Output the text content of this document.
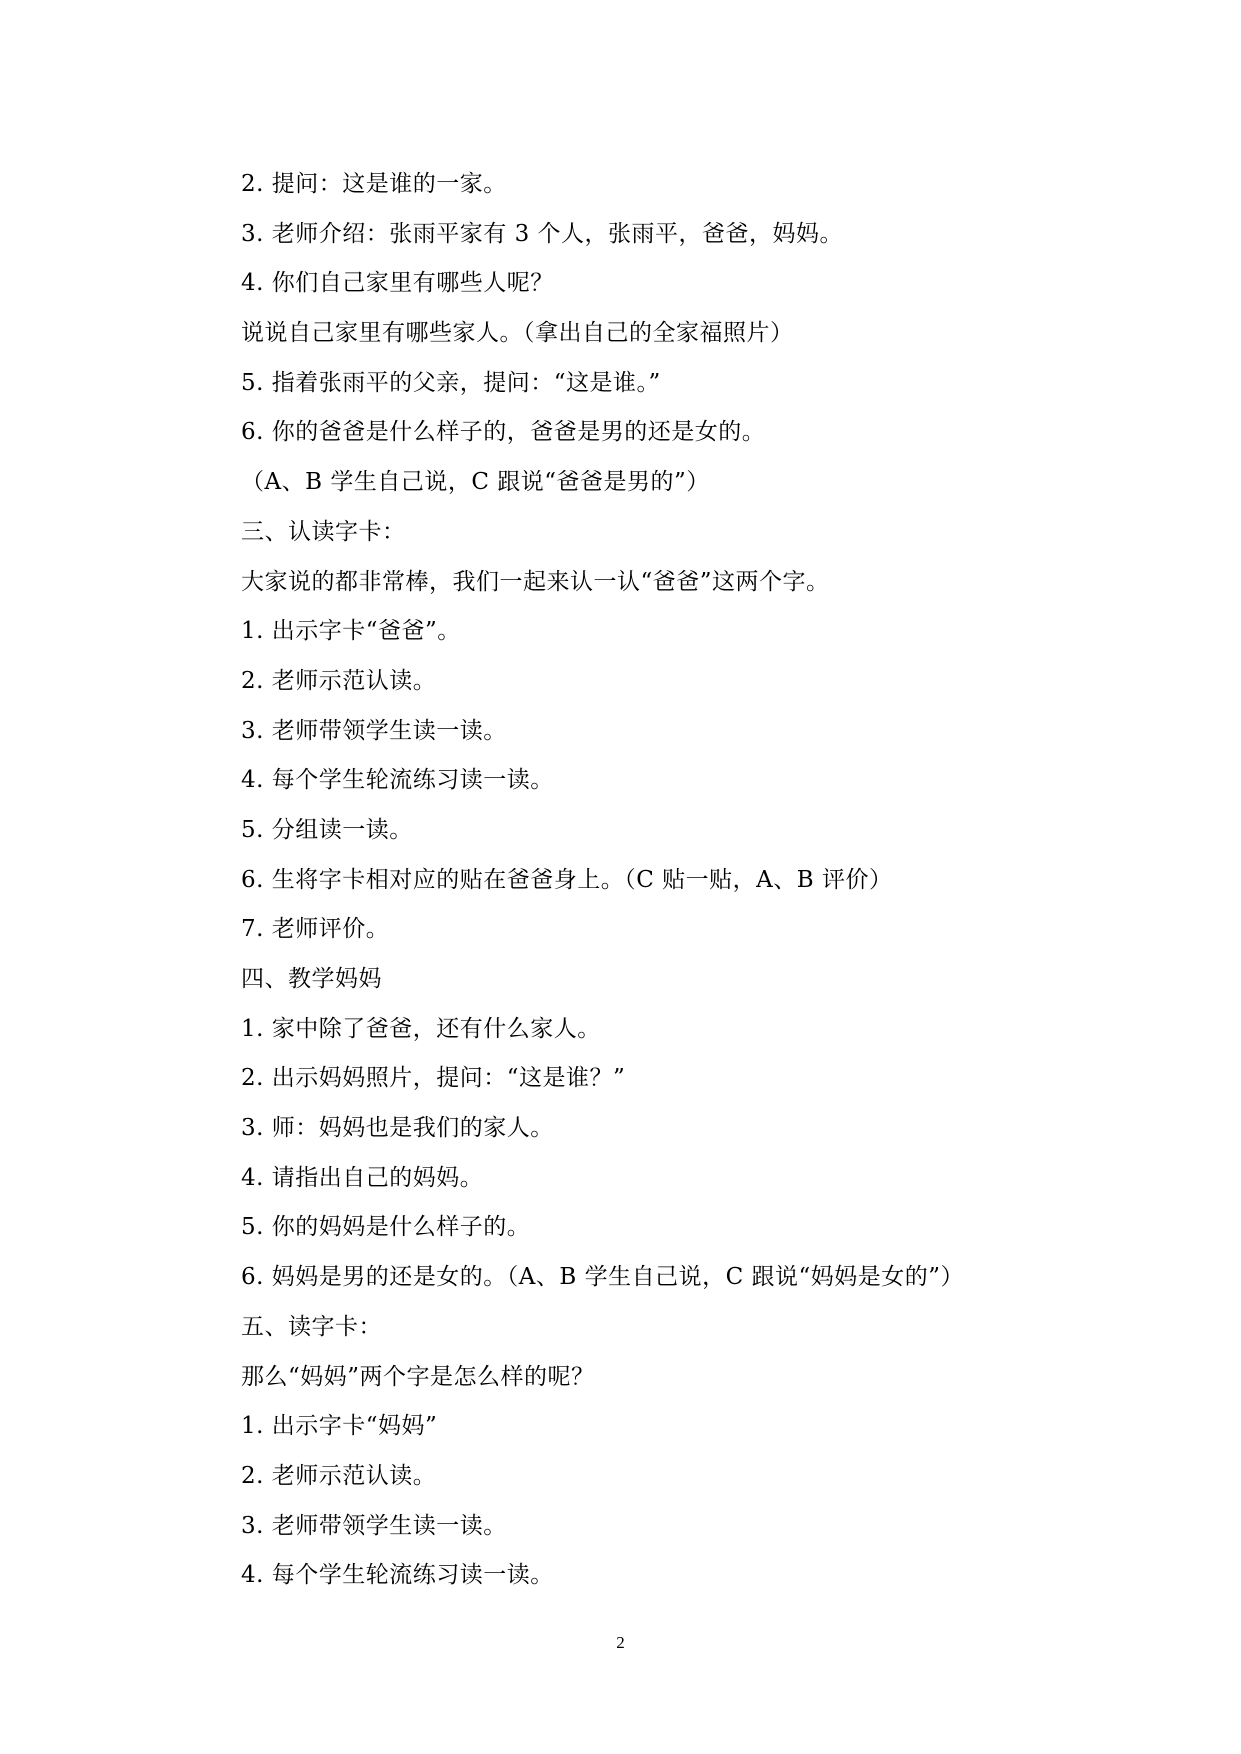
2. 提问：这是谁的一家。
3. 老师介绍：张雨平家有 3 个人，张雨平，爸爸，妈妈。
4. 你们自己家里有哪些人呢？
说说自己家里有哪些家人。（拿出自己的全家福照片）
5. 指着张雨平的父亲，提问：“这是谁。”
6. 你的爸爸是什么样子的，爸爸是男的还是女的。
（A、B 学生自己说，C 跟说“爸爸是男的”）
三、认读字卡：
大家说的都非常棒，我们一起来认一认“爸爸”这两个字。
1. 出示字卡“爸爸”。
2. 老师示范认读。
3. 老师带领学生读一读。
4. 每个学生轮流练习读一读。
5. 分组读一读。
6. 生将字卡相对应的贴在爸爸身上。（C 贴一贴，A、B 评价）
7. 老师评价。
四、教学妈妈
1. 家中除了爸爸，还有什么家人。
2. 出示妈妈照片，提问：“这是谁？”
3. 师：妈妈也是我们的家人。
4. 请指出自己的妈妈。
5. 你的妈妈是什么样子的。
6. 妈妈是男的还是女的。（A、B 学生自己说，C 跟说“妈妈是女的”）
五、读字卡：
那么“妈妈”两个字是怎么样的呢？
1. 出示字卡“妈妈”
2. 老师示范认读。
3. 老师带领学生读一读。
4. 每个学生轮流练习读一读。
2
